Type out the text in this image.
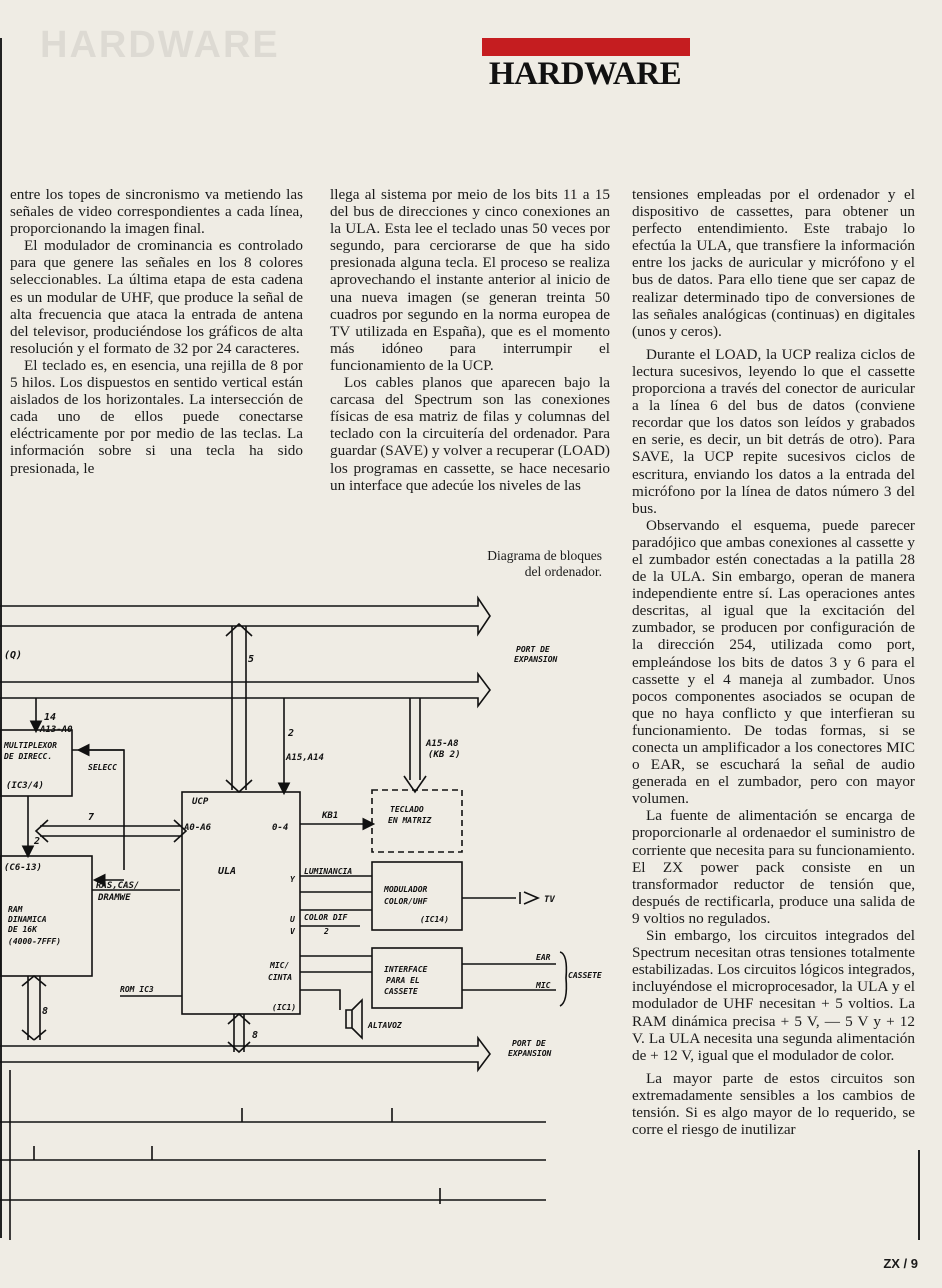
HARDWARE
HARDWARE

entre los topes de sincronismo va metiendo las señales de video correspondientes a cada línea, proporcionando la imagen final.

El modulador de crominancia es controlado para que genere las señales en los 8 colores seleccionables. La última etapa de esta cadena es un modular de UHF, que produce la señal de alta frecuencia que ataca la entrada de antena del televisor, produciéndose los gráficos de alta resolución y el formato de 32 por 24 caracteres.

El teclado es, en esencia, una rejilla de 8 por 5 hilos. Los dispuestos en sentido vertical están aislados de los horizontales. La intersección de cada uno de ellos puede conectarse eléctricamente por por medio de las teclas. La información sobre si una tecla ha sido presionada, le

llega al sistema por meio de los bits 11 a 15 del bus de direcciones y cinco conexiones an la ULA. Esta lee el teclado unas 50 veces por segundo, para cerciorarse de que ha sido presionada alguna tecla. El proceso se realiza aprovechando el instante anterior al inicio de una nueva imagen (se generan treinta 50 cuadros por segundo en la norma europea de TV utilizada en España), que es el momento más idóneo para interrumpir el funcionamiento de la UCP.

Los cables planos que aparecen bajo la carcasa del Spectrum son las conexiones físicas de esa matriz de filas y columnas del teclado con la circuitería del ordenador. Para guardar (SAVE) y volver a recuperar (LOAD) los programas en cassette, se hace necesario un interface que adecúe los niveles de las

tensiones empleadas por el ordenador y el dispositivo de cassettes, para obtener un perfecto entendimiento. Este trabajo lo efectúa la ULA, que transfiere la información entre los jacks de auricular y micrófono y el bus de datos. Para ello tiene que ser capaz de realizar determinado tipo de conversiones de las señales analógicas (continuas) en digitales (unos y ceros).

Durante el LOAD, la UCP realiza ciclos de lectura sucesivos, leyendo lo que el cassette proporciona a través del conector de auricular a la línea 6 del bus de datos (conviene recordar que los datos son leídos y grabados en serie, es decir, un bit detrás de otro). Para SAVE, la UCP repite sucesivos ciclos de escritura, enviando los datos a la entrada del micrófono por la línea de datos número 3 del bus.

Observando el esquema, puede parecer paradójico que ambas conexiones al cassette y el zumbador estén conectadas a la patilla 28 de la ULA. Sin embargo, operan de manera independiente entre sí. Las operaciones antes descritas, al igual que la excitación del zumbador, se producen por configuración de la dirección 254, utilizada como port, empleándose los bits de datos 3 y 6 para el cassette y el 4 maneja al zumbador. Unos pocos componentes asociados se ocupan de que no haya conflicto y que interfieran su funcionamiento. De todas formas, si se conecta un amplificador a los conectores MIC o EAR, se escuchará la señal de audio generada en el zumbador, pero con mayor volumen.

La fuente de alimentación se encarga de proporcionarle al ordenaedor el suministro de corriente que necesita para su funcionamiento. El ZX power pack consiste en un transformador reductor de tensión que, después de rectificarla, produce una salida de 9 voltios no regulados.

Sin embargo, los circuitos integrados del Spectrum necesitan otras tensiones totalmente estabilizadas. Los circuitos lógicos integrados, incluyéndose el microprocesador, la ULA y el modulador de UHF necesitan + 5 voltios. La RAM dinámica precisa + 5 V, — 5 V y + 12 V. La ULA necesita una segunda alimentación de + 12 V, igual que el modulador de color.

La mayor parte de estos circuitos son extremadamente sensibles a los cambios de tensión. Si es algo mayor de lo requerido, se corre el riesgo de inutilizar

Diagrama de bloques
del ordenador.
(Q)
PORT DE
EXPANSION
5
14
A13-A0	2
A15,A14
A15-A8
(KB 2)
MULTIPLEXOR
DE DIRECC.
SELECC
(IC3/4)
7
2
UCP
A0-A6	0-4
KB1
TECLADO
EN MATRIZ
(C6-13)	ULA
Y
LUMINANCIA
MODULADOR
COLOR/UHF
(IC14)
TV
RAS,CAS/
DRAMWE
RAM
DINAMICA
DE 16K
(4000-7FFF)
U
V
COLOR DIF
2
MIC/
CINTA
INTERFACE
PARA EL
CASSETE
EAR
MIC
CASSETE
ROM IC3
(IC1)
8
8
ALTAVOZ
PORT DE
EXPANSION
ZX / 9
